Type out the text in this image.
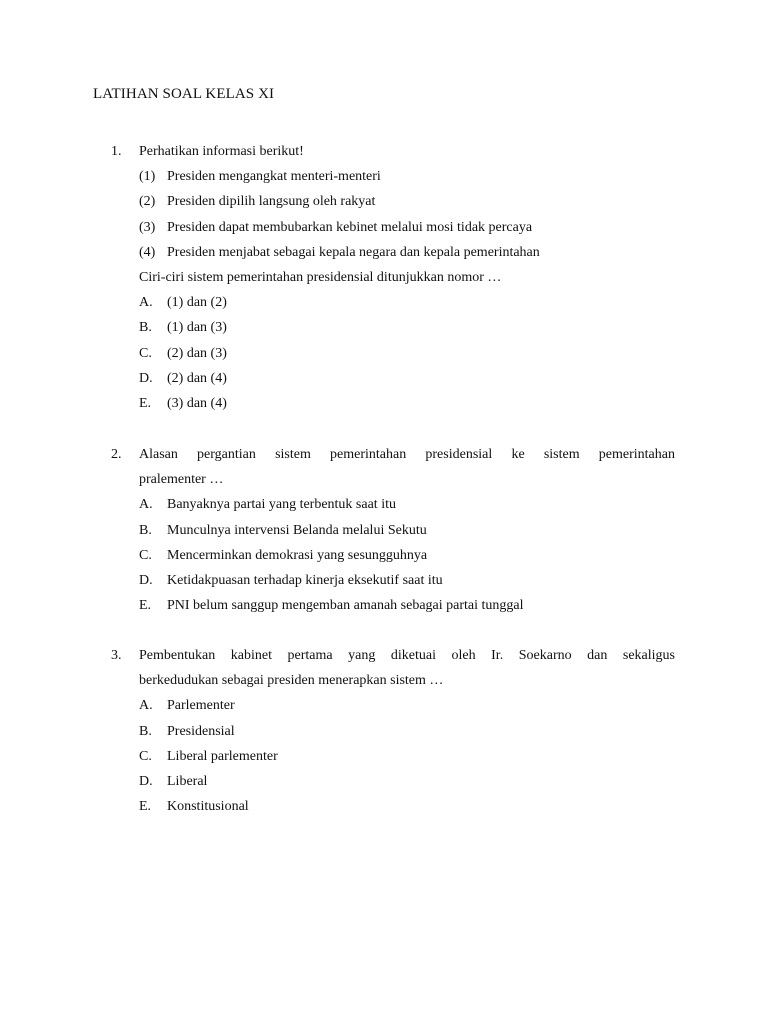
LATIHAN SOAL KELAS XI
1. Perhatikan informasi berikut!
(1) Presiden mengangkat menteri-menteri
(2) Presiden dipilih langsung oleh rakyat
(3) Presiden dapat membubarkan kebinet melalui mosi tidak percaya
(4) Presiden menjabat sebagai kepala negara dan kepala pemerintahan
Ciri-ciri sistem pemerintahan presidensial ditunjukkan nomor …
A.	(1) dan (2)
B.	(1) dan (3)
C.	(2) dan (3)
D.	(2) dan (4)
E.	(3) dan (4)
2. Alasan pergantian sistem pemerintahan presidensial ke sistem pemerintahan
pralementer …
A.	Banyaknya partai yang terbentuk saat itu
B.	Munculnya intervensi Belanda melalui Sekutu
C.	Mencerminkan demokrasi yang sesungguhnya
D.	Ketidakpuasan terhadap kinerja eksekutif saat itu
E.	PNI belum sanggup mengemban amanah sebagai partai tunggal
3. Pembentukan kabinet pertama yang diketuai oleh Ir. Soekarno dan sekaligus
berkedudukan sebagai presiden menerapkan sistem …
A.	Parlementer
B.	Presidensial
C.	Liberal parlementer
D.	Liberal
E.	Konstitusional
